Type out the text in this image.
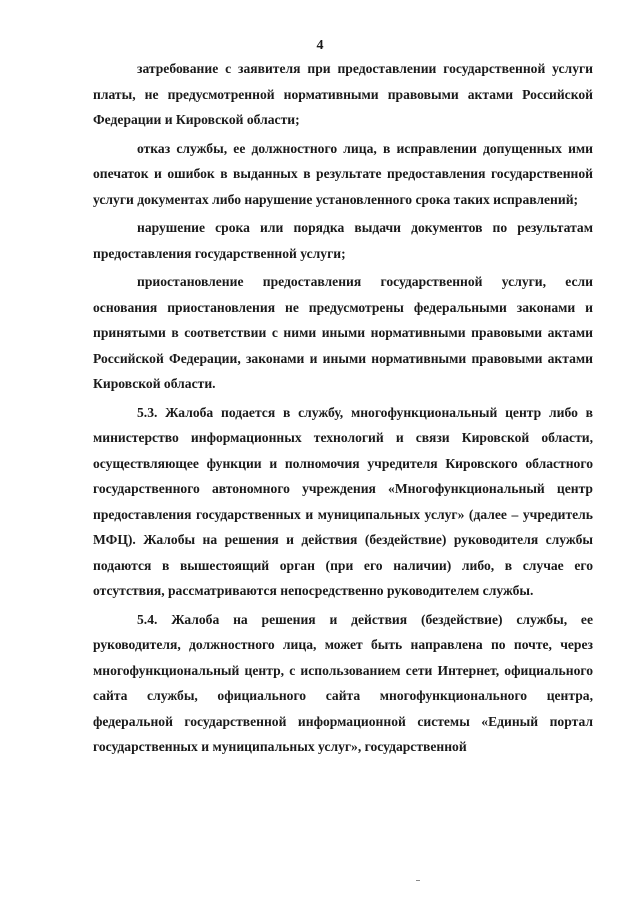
4

затребование с заявителя при предоставлении государственной услуги платы, не предусмотренной нормативными правовыми актами Российской Федерации и Кировской области;

отказ службы, ее должностного лица, в исправлении допущенных ими опечаток и ошибок в выданных в результате предоставления государственной услуги документах либо нарушение установленного срока таких исправлений;

нарушение срока или порядка выдачи документов по результатам предоставления государственной услуги;

приостановление предоставления государственной услуги, если основания приостановления не предусмотрены федеральными законами и принятыми в соответствии с ними иными нормативными правовыми актами Российской Федерации, законами и иными нормативными правовыми актами Кировской области.

5.3. Жалоба подается в службу, многофункциональный центр либо в министерство информационных технологий и связи Кировской области, осуществляющее функции и полномочия учредителя Кировского областного государственного автономного учреждения «Многофункциональный центр предоставления государственных и муниципальных услуг» (далее – учредитель МФЦ). Жалобы на решения и действия (бездействие) руководителя службы подаются в вышестоящий орган (при его наличии) либо, в случае его отсутствия, рассматриваются непосредственно руководителем службы.

5.4. Жалоба на решения и действия (бездействие) службы, ее руководителя, должностного лица, может быть направлена по почте, через многофункциональный центр, с использованием сети Интернет, официального сайта службы, официального сайта многофункционального центра, федеральной государственной информационной системы «Единый портал государственных и муниципальных услуг», государственной
